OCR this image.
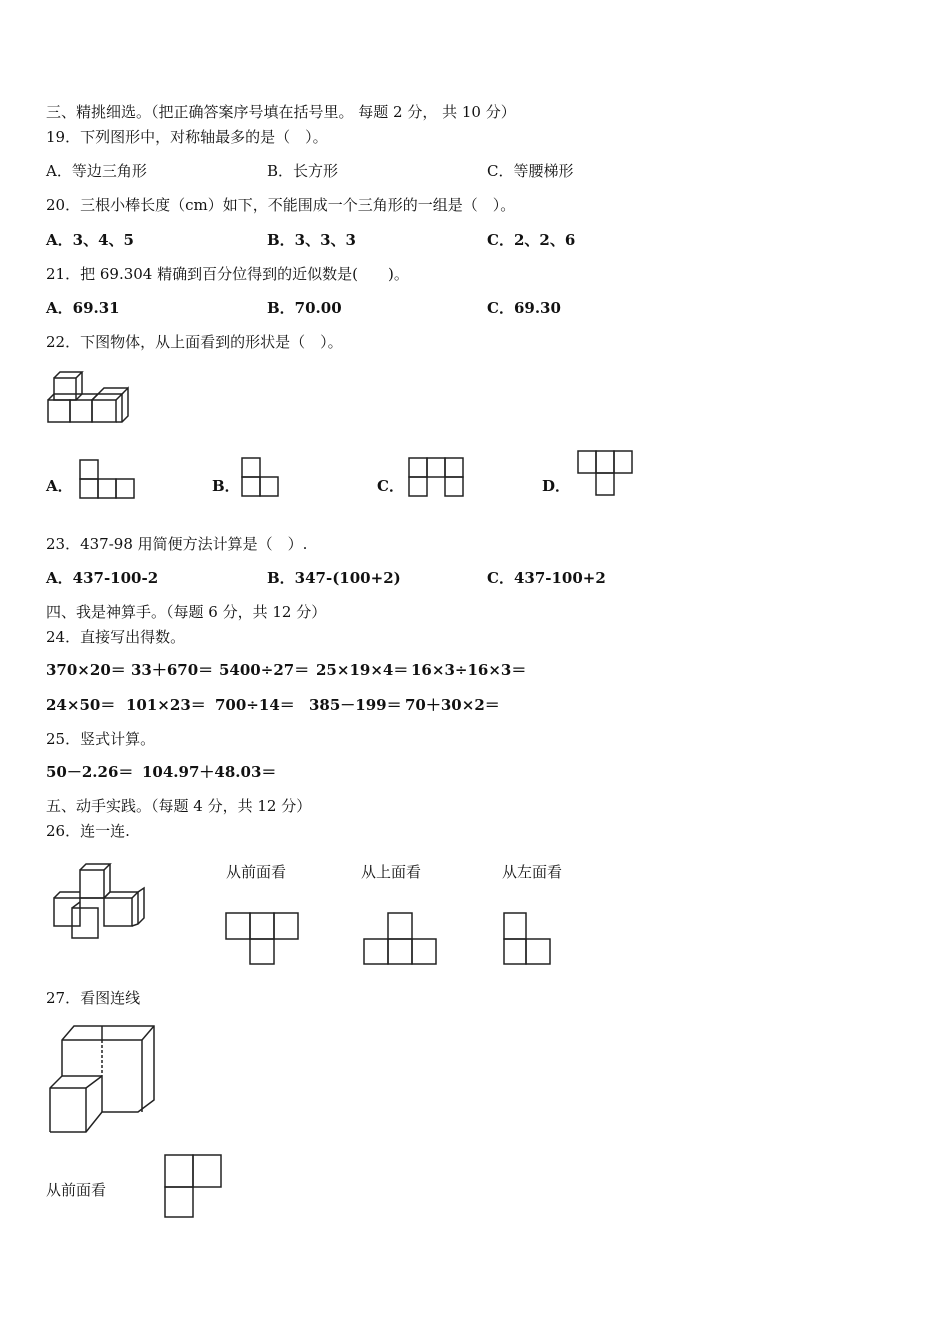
三、精挑细选。（把正确答案序号填在括号里。 每题 2 分， 共 10 分）
19．下列图形中，对称轴最多的是（　）。
A．等边三角形	B．长方形	C．等腰梯形
20．三根小棒长度（cm）如下，不能围成一个三角形的一组是（　）。
A．3、4、5	B．3、3、3	C．2、2、6
21．把 69.304 精确到百分位得到的近似数是(　　)。
A．69.31	B．70.00	C．69.30
22．下图物体，从上面看到的形状是（　）。
A．	B．	C．	D．
23．437-98 用简便方法计算是（　）.
A．437-100-2	B．347-(100+2)	C．437-100+2
四、我是神算手。（每题 6 分，共 12 分）
24．直接写出得数。
370×20＝ 33＋670＝ 5400÷27＝ 25×19×4＝ 16×3÷16×3＝
24×50＝ 101×23＝ 700÷14＝ 385－199＝ 70＋30×2＝
25．竖式计算。
50－2.26＝ 104.97＋48.03＝
五、动手实践。（每题 4 分，共 12 分）
26．连一连.
从前面看	从上面看	从左面看
27．看图连线
从前面看
